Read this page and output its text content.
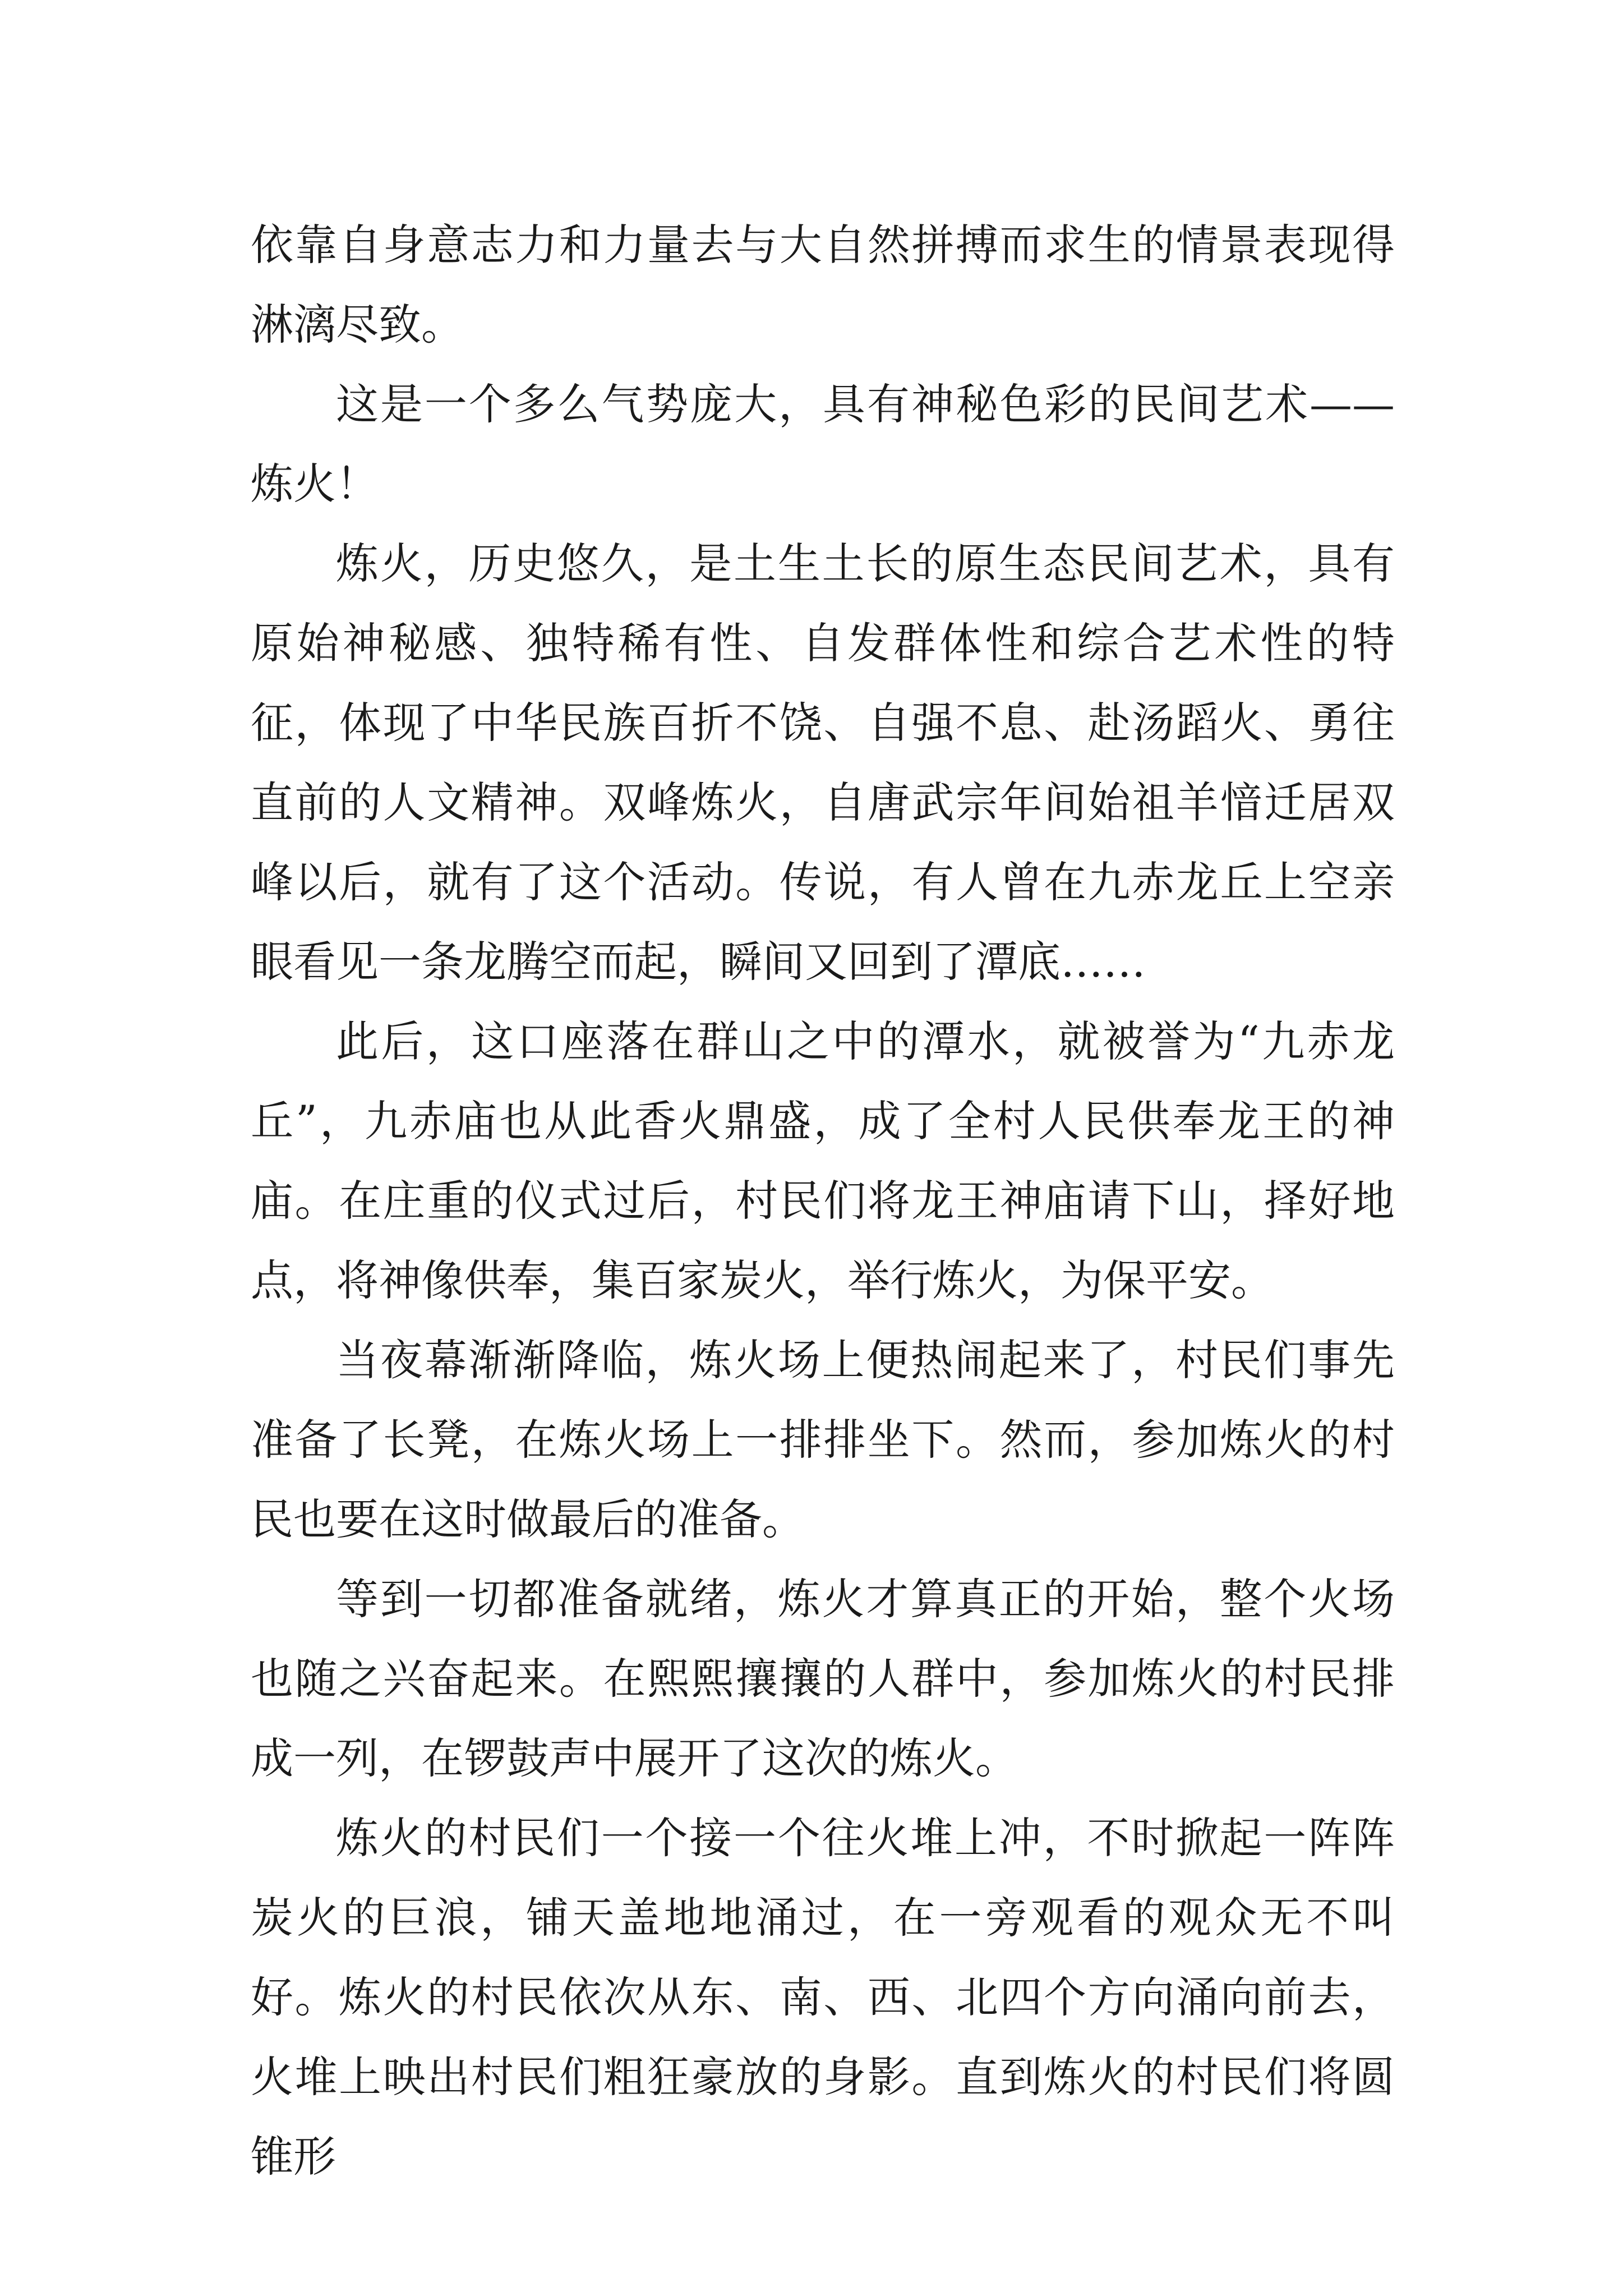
依靠自身意志力和力量去与大自然拼搏而求生的情景表现得淋漓尽致。

这是一个多么气势庞大，具有神秘色彩的民间艺术——炼火！

炼火，历史悠久，是土生土长的原生态民间艺术，具有原始神秘感、独特稀有性、自发群体性和综合艺术性的特征，体现了中华民族百折不饶、自强不息、赴汤蹈火、勇往直前的人文精神。双峰炼火，自唐武宗年间始祖羊愔迁居双峰以后，就有了这个活动。传说，有人曾在九赤龙丘上空亲眼看见一条龙腾空而起，瞬间又回到了潭底……

此后，这口座落在群山之中的潭水，就被誉为“九赤龙丘”，九赤庙也从此香火鼎盛，成了全村人民供奉龙王的神庙。在庄重的仪式过后，村民们将龙王神庙请下山，择好地点，将神像供奉，集百家炭火，举行炼火，为保平安。

当夜幕渐渐降临，炼火场上便热闹起来了，村民们事先准备了长凳，在炼火场上一排排坐下。然而，参加炼火的村民也要在这时做最后的准备。

等到一切都准备就绪，炼火才算真正的开始，整个火场也随之兴奋起来。在熙熙攘攘的人群中，参加炼火的村民排成一列，在锣鼓声中展开了这次的炼火。

炼火的村民们一个接一个往火堆上冲，不时掀起一阵阵炭火的巨浪，铺天盖地地涌过，在一旁观看的观众无不叫好。炼火的村民依次从东、南、西、北四个方向涌向前去，火堆上映出村民们粗狂豪放的身影。直到炼火的村民们将圆锥形
